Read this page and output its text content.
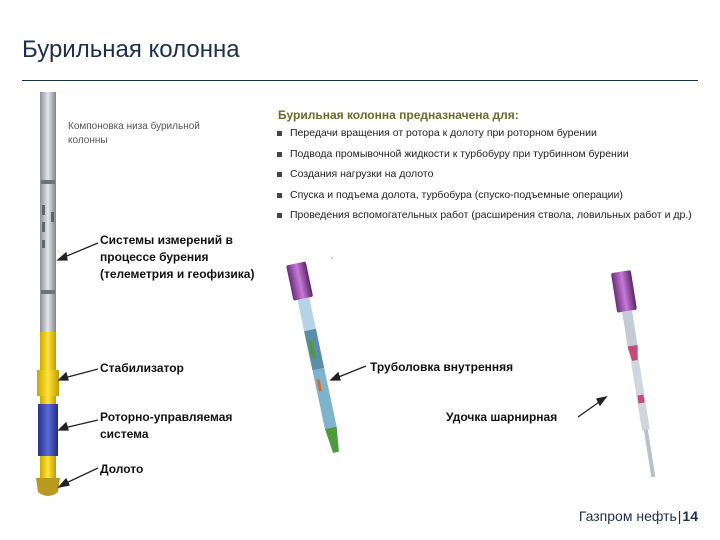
Бурильная колонна
Компоновка низа бурильной колонны
Системы измерений в процессе бурения (телеметрия и геофизика)
Стабилизатор
Роторно-управляемая система
Долото
Бурильная колонна предназначена для:
Передачи вращения от ротора к долоту при роторном бурении
Подвода промывочной жидкости к турбобуру при турбинном бурении
Создания нагрузки на долото
Спуска и подъема долота, турбобура (спуско-подъемные операции)
Проведения вспомогательных работ (расширения ствола, ловильных работ и др.)
Труболовка внутренняя
Удочка шарнирная
Газпром нефть|14
